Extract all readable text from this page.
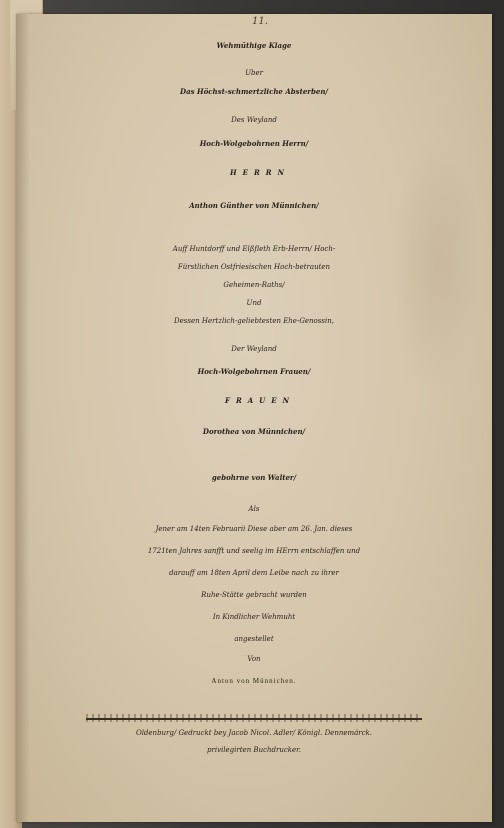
11.
Wehmüthige Klage
Uber
Das Höchst-schmertzliche Absterben/
Des Weyland
Hoch-Wolgebohrnen Herrn/
HERRN
Anthon Günther von Münnichen/
Auff Huntdorff und Elßfleth Erb-Herrn/ Hoch-
Fürstlichen Ostfriesischen Hoch-betrauten
Geheimen-Raths/
Und
Dessen Hertzlich-geliebtesten Ehe-Genossin,
Der Weyland
Hoch-Wolgebohrnen Frauen/
FRAUEN
Dorothea von Münnichen/
gebohrne von Walter/
Als
Jener am 14ten Februarii Diese aber am 26. Jan. dieses
1721ten Jahres sanfft und seelig im HErrn entschlaffen und
darauff am 18ten April dem Leibe nach zu ihrer
Ruhe-Stätte gebracht wurden
In Kindlicher Wehmuht
angestellet
Von
Anton von Münnichen.
Oldenburg/ Gedruckt bey Jacob Nicol. Adler/ Königl. Dennemärck.
privilegirten Buchdrucker.
